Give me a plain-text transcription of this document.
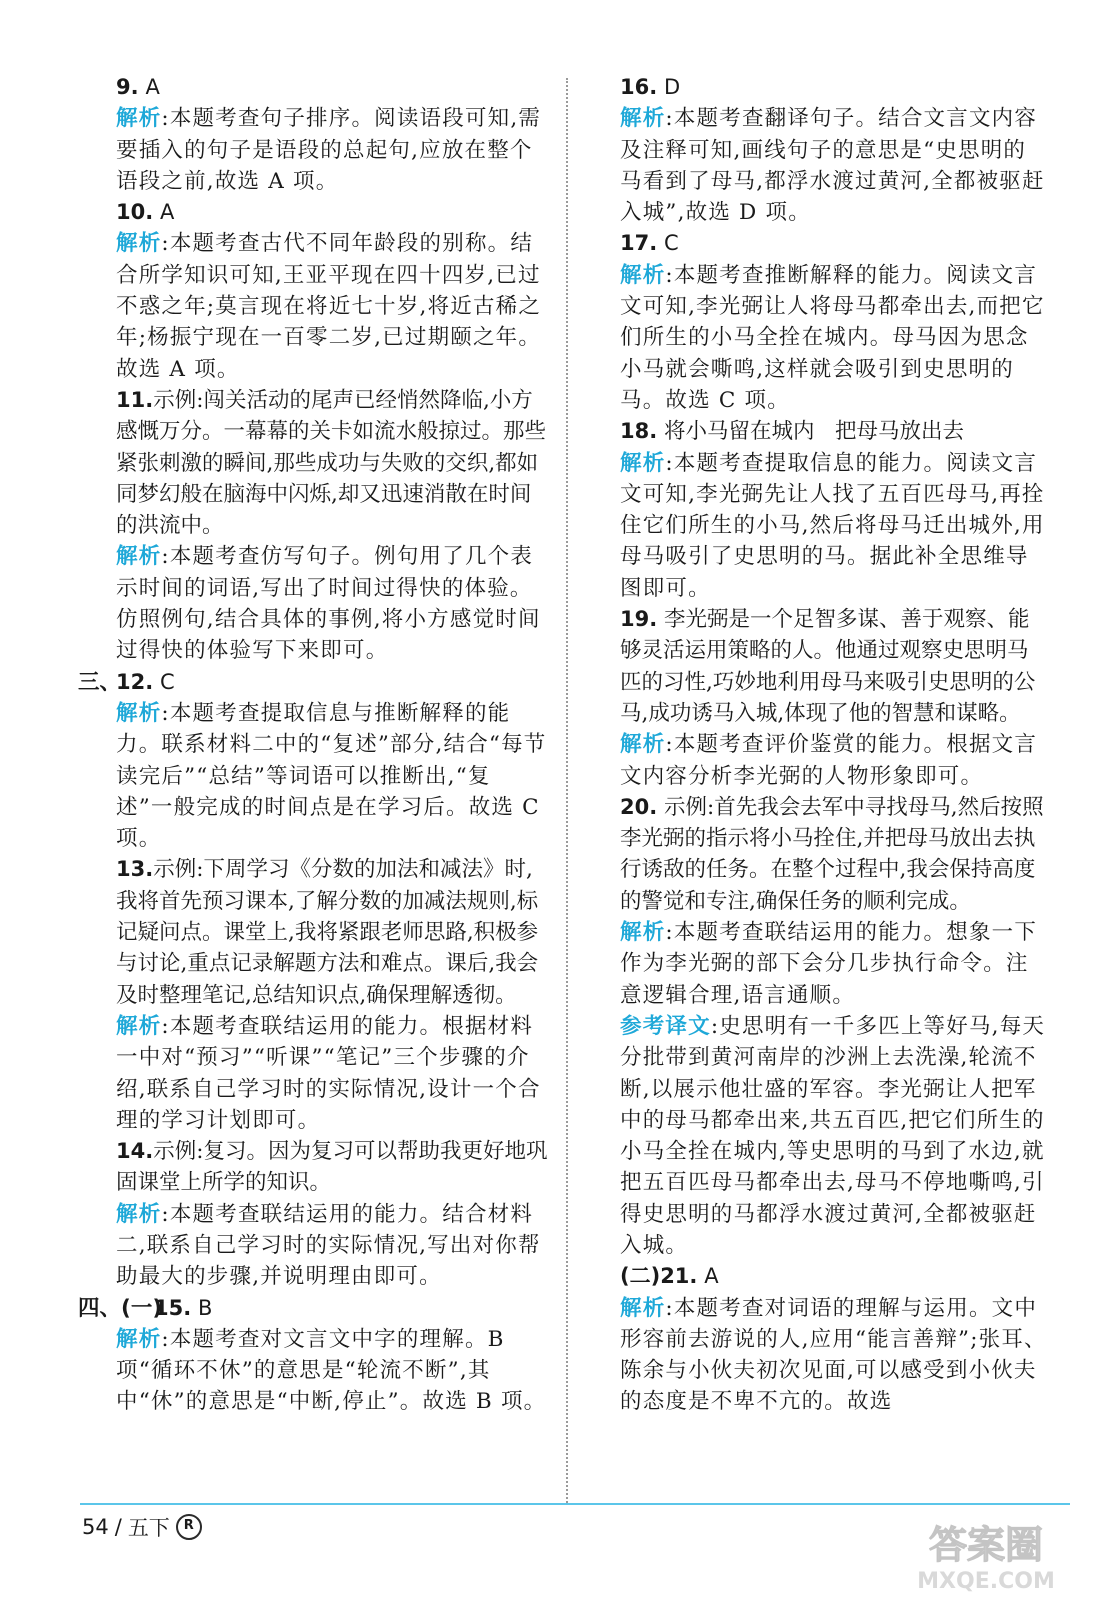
9. A
解析:本题考查句子排序。阅读语段可知,需要插入的句子是语段的总起句,应放在整个语段之前,故选 A 项。
10. A
解析:本题考查古代不同年龄段的别称。结合所学知识可知,王亚平现在四十四岁,已过不惑之年;莫言现在将近七十岁,将近古稀之年;杨振宁现在一百零二岁,已过期颐之年。故选 A 项。
11.示例:闯关活动的尾声已经悄然降临,小方感慨万分。一幕幕的关卡如流水般掠过。那些紧张刺激的瞬间,那些成功与失败的交织,都如同梦幻般在脑海中闪烁,却又迅速消散在时间的洪流中。
解析:本题考查仿写句子。例句用了几个表示时间的词语,写出了时间过得快的体验。仿照例句,结合具体的事例,将小方感觉时间过得快的体验写下来即可。
三、
12. C
解析:本题考查提取信息与推断解释的能力。联系材料二中的“复述”部分,结合“每节读完后”“总结”等词语可以推断出,“复述”一般完成的时间点是在学习后。故选 C 项。
13.示例:下周学习《分数的加法和减法》时,我将首先预习课本,了解分数的加减法规则,标记疑问点。课堂上,我将紧跟老师思路,积极参与讨论,重点记录解题方法和难点。课后,我会及时整理笔记,总结知识点,确保理解透彻。
解析:本题考查联结运用的能力。根据材料一中对“预习”“听课”“笔记”三个步骤的介绍,联系自己学习时的实际情况,设计一个合理的学习计划即可。
14.示例:复习。因为复习可以帮助我更好地巩固课堂上所学的知识。
解析:本题考查联结运用的能力。结合材料二,联系自己学习时的实际情况,写出对你帮助最大的步骤,并说明理由即可。
四、(一)
15. B
解析:本题考查对文言文中字的理解。B 项“循环不休”的意思是“轮流不断”,其中“休”的意思是“中断,停止”。故选 B 项。
16. D
解析:本题考查翻译句子。结合文言文内容及注释可知,画线句子的意思是“史思明的马看到了母马,都浮水渡过黄河,全都被驱赶入城”,故选 D 项。
17. C
解析:本题考查推断解释的能力。阅读文言文可知,李光弼让人将母马都牵出去,而把它们所生的小马全拴在城内。母马因为思念小马就会嘶鸣,这样就会吸引到史思明的马。故选 C 项。
18. 将小马留在城内   把母马放出去
解析:本题考查提取信息的能力。阅读文言文可知,李光弼先让人找了五百匹母马,再拴住它们所生的小马,然后将母马迁出城外,用母马吸引了史思明的马。据此补全思维导图即可。
19. 李光弼是一个足智多谋、善于观察、能够灵活运用策略的人。他通过观察史思明马匹的习性,巧妙地利用母马来吸引史思明的公马,成功诱马入城,体现了他的智慧和谋略。
解析:本题考查评价鉴赏的能力。根据文言文内容分析李光弼的人物形象即可。
20. 示例:首先我会去军中寻找母马,然后按照李光弼的指示将小马拴住,并把母马放出去执行诱敌的任务。在整个过程中,我会保持高度的警觉和专注,确保任务的顺利完成。
解析:本题考查联结运用的能力。想象一下作为李光弼的部下会分几步执行命令。注意逻辑合理,语言通顺。
参考译文:史思明有一千多匹上等好马,每天分批带到黄河南岸的沙洲上去洗澡,轮流不断,以展示他壮盛的军容。李光弼让人把军中的母马都牵出来,共五百匹,把它们所生的小马全拴在城内,等史思明的马到了水边,就把五百匹母马都牵出去,母马不停地嘶鸣,引得史思明的马都浮水渡过黄河,全都被驱赶入城。
(二)21. A
解析:本题考查对词语的理解与运用。文中形容前去游说的人,应用“能言善辩”;张耳、陈余与小伙夫初次见面,可以感受到小伙夫的态度是不卑不亢的。故选
54 / 五下	R	答案圈
MXQE.COM
